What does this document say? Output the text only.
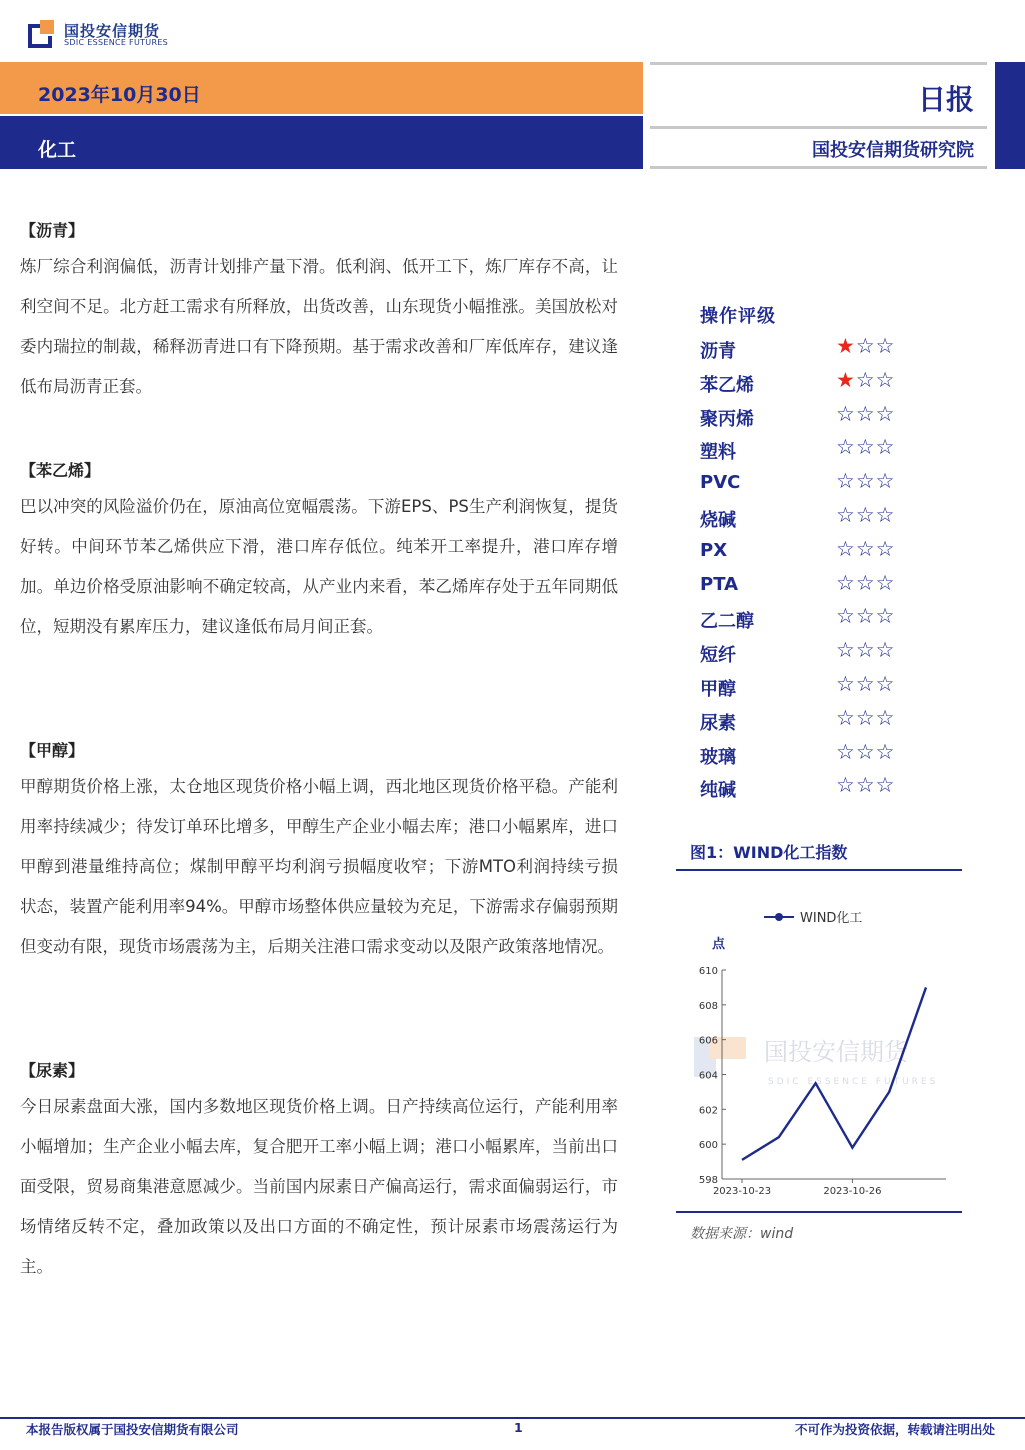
国投安信期货
SDIC ESSENCE FUTURES
2023年10月30日
化工
日报
国投安信期货研究院
【沥青】
炼厂综合利润偏低，沥青计划排产量下滑。低利润、低开工下，炼厂库存不高，让利空间不足。北方赶工需求有所释放，出货改善，山东现货小幅推涨。美国放松对委内瑞拉的制裁，稀释沥青进口有下降预期。基于需求改善和厂库低库存，建议逢低布局沥青正套。
【苯乙烯】
巴以冲突的风险溢价仍在，原油高位宽幅震荡。下游EPS、PS生产利润恢复，提货好转。中间环节苯乙烯供应下滑，港口库存低位。纯苯开工率提升，港口库存增加。单边价格受原油影响不确定较高，从产业内来看，苯乙烯库存处于五年同期低位，短期没有累库压力，建议逢低布局月间正套。
【甲醇】
甲醇期货价格上涨，太仓地区现货价格小幅上调，西北地区现货价格平稳。产能利用率持续减少；待发订单环比增多，甲醇生产企业小幅去库；港口小幅累库，进口甲醇到港量维持高位；煤制甲醇平均利润亏损幅度收窄；下游MTO利润持续亏损状态，装置产能利用率94%。甲醇市场整体供应量较为充足，下游需求存偏弱预期但变动有限，现货市场震荡为主，后期关注港口需求变动以及限产政策落地情况。
【尿素】
今日尿素盘面大涨，国内多数地区现货价格上调。日产持续高位运行，产能利用率小幅增加；生产企业小幅去库，复合肥开工率小幅上调；港口小幅累库，当前出口面受限，贸易商集港意愿减少。当前国内尿素日产偏高运行，需求面偏弱运行，市场情绪反转不定，叠加政策以及出口方面的不确定性，预计尿素市场震荡运行为主。
操作评级
沥青	★☆☆
苯乙烯	★☆☆
聚丙烯	☆☆☆
塑料	☆☆☆
PVC	☆☆☆
烧碱	☆☆☆
PX	☆☆☆
PTA	☆☆☆
乙二醇	☆☆☆
短纤	☆☆☆
甲醇	☆☆☆
尿素	☆☆☆
玻璃	☆☆☆
纯碱	☆☆☆
图1：WIND化工指数
国投安信期货
SDIC ESSENCE FUTURES
WIND化工
点
598
600
602
604
606
608
610
2023-10-23	2023-10-26
数据来源：wind
本报告版权属于国投安信期货有限公司	1	不可作为投资依据，转载请注明出处
